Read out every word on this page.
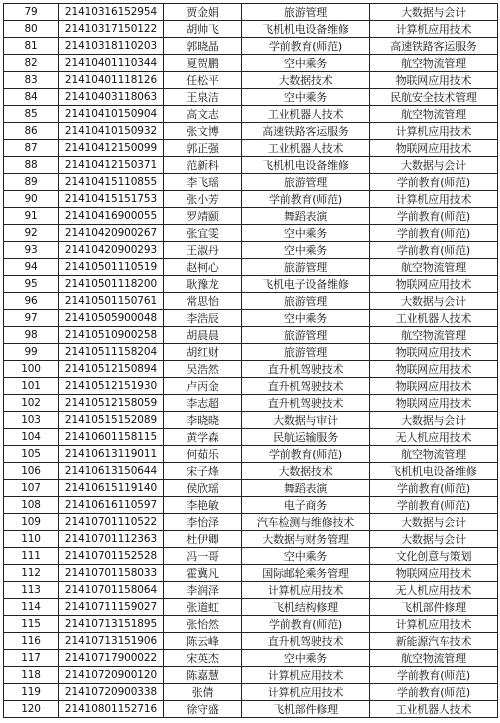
79	21410316152954	贾金娟	旅游管理	大数据与会计
80	21410317150122	胡帅飞	飞机机电设备维修	计算机应用技术
81	21410318110203	郭晓晶	学前教育(师范)	高速铁路客运服务
82	21410401110344	夏贺鹏	空中乘务	航空物流管理
83	21410401118126	任松平	大数据技术	物联网应用技术
84	21410403118063	王泉洁	空中乘务	民航安全技术管理
85	21410410150904	高文志	工业机器人技术	航空物流管理
86	21410410150932	张文博	高速铁路客运服务	计算机应用技术
87	21410412150099	郭正强	工业机器人技术	物联网应用技术
88	21410412150371	范新科	飞机机电设备维修	大数据与会计
89	21410415110855	李飞瑶	旅游管理	学前教育(师范)
90	21410415151753	张小芳	学前教育(师范)	计算机应用技术
91	21410416900055	罗靖颐	舞蹈表演	学前教育(师范)
92	21410420900267	张宜雯	空中乘务	学前教育(师范)
93	21410420900293	王淑丹	空中乘务	学前教育(师范)
94	21410501110519	赵柯心	旅游管理	航空物流管理
95	21410501118200	耿豫龙	飞机电子设备维修	物联网应用技术
96	21410501150761	常思怡	旅游管理	大数据与会计
97	21410505900048	李浩辰	空中乘务	工业机器人技术
98	21410510900258	胡晨晨	旅游管理	航空物流管理
99	21410511158204	胡红财	旅游管理	物联网应用技术
100	21410512150894	吴浩然	直升机驾驶技术	物联网应用技术
101	21410512151930	卢丙金	直升机驾驶技术	物联网应用技术
102	21410512158059	李志超	直升机驾驶技术	物联网应用技术
103	21410515152089	李晓晓	大数据与审计	大数据与会计
104	21410601158115	黄学森	民航运输服务	无人机应用技术
105	21410613119011	何茹乐	学前教育(师范)	航空物流管理
106	21410613150644	宋子烽	大数据技术	飞机机电设备维修
107	21410615119140	侯欣瑶	舞蹈表演	学前教育(师范)
108	21410616110597	李艳敏	电子商务	学前教育(师范)
109	21410701110522	李怡泽	汽车检测与维修技术	大数据与会计
110	21410701112363	杜伊卿	大数据与财务管理	大数据与会计
111	21410701152528	冯一哥	空中乘务	文化创意与策划
112	21410701158033	霍冀凡	国际邮轮乘务管理	物联网应用技术
113	21410701158064	李润泽	计算机应用技术	无人机应用技术
114	21410711159027	张道虹	飞机结构修理	飞机部件修理
115	21410713151895	张怡然	学前教育(师范)	计算机应用技术
116	21410713151906	陈云峰	直升机驾驶技术	新能源汽车技术
117	21410717900022	宋英杰	空中乘务	航空物流管理
118	21410720900120	陈嘉慧	计算机应用技术	学前教育(师范)
119	21410720900338	张倩	计算机应用技术	学前教育(师范)
120	21410801152716	徐守盛	飞机部件修理	工业机器人技术
